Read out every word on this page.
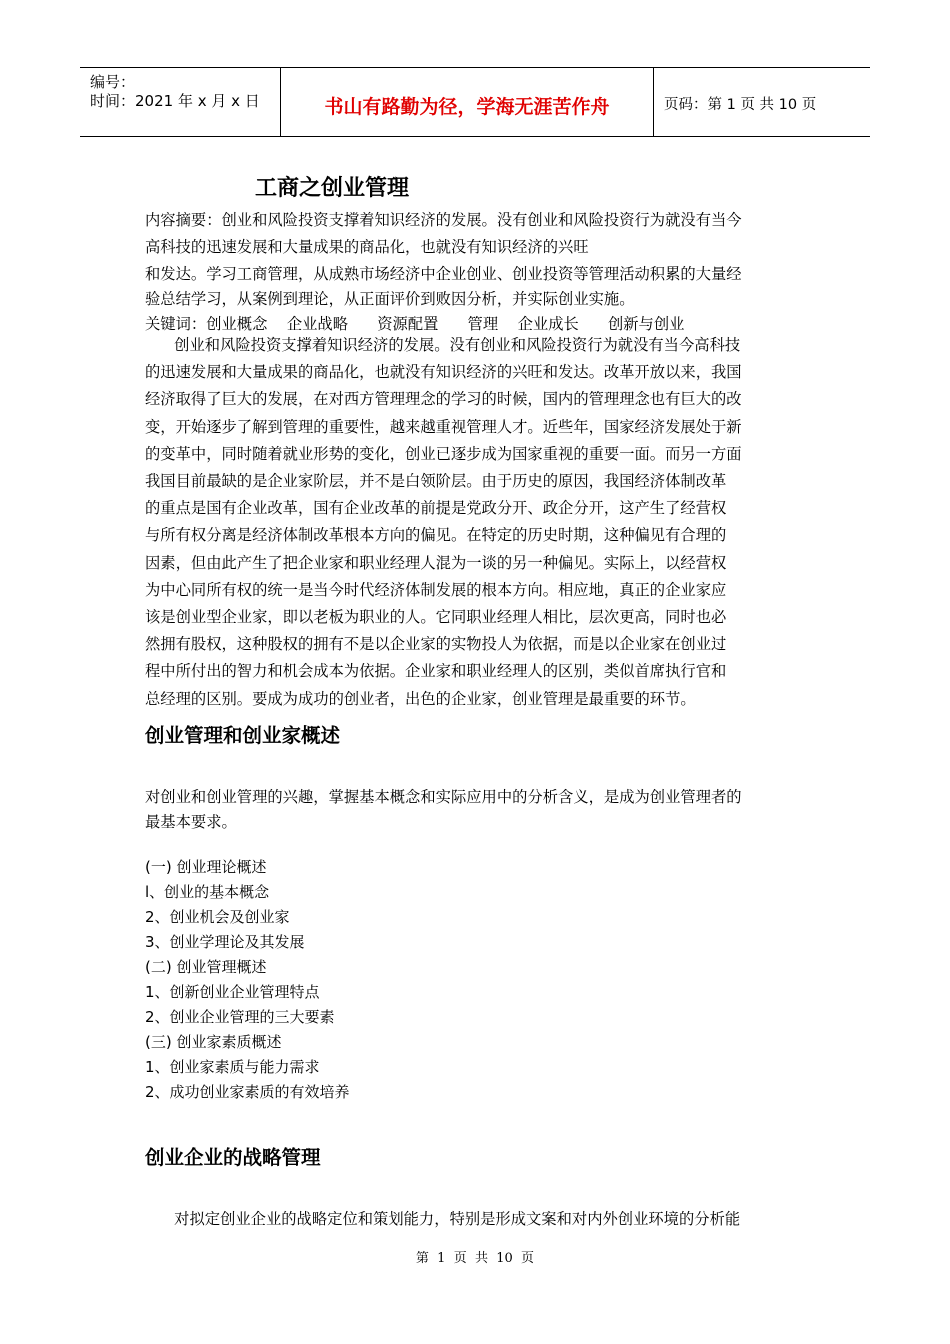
编号：
时间：2021 年 x 月 x 日	书山有路勤为径，学海无涯苦作舟	页码：第 1 页 共 10 页
工商之创业管理
内容摘要：创业和风险投资支撑着知识经济的发展。没有创业和风险投资行为就没有当今
高科技的迅速发展和大量成果的商品化，也就没有知识经济的兴旺
和发达。学习工商管理，从成熟市场经济中企业创业、创业投资等管理活动积累的大量经
验总结学习，从案例到理论，从正面评价到败因分析，并实际创业实施。
关键词：创业概念    企业战略      资源配置      管理    企业成长      创新与创业
创业和风险投资支撑着知识经济的发展。没有创业和风险投资行为就没有当今高科技
的迅速发展和大量成果的商品化，也就没有知识经济的兴旺和发达。改革开放以来，我国
经济取得了巨大的发展，在对西方管理理念的学习的时候，国内的管理理念也有巨大的改
变，开始逐步了解到管理的重要性，越来越重视管理人才。近些年，国家经济发展处于新
的变革中，同时随着就业形势的变化，创业已逐步成为国家重视的重要一面。而另一方面
我国目前最缺的是企业家阶层，并不是白领阶层。由于历史的原因，我国经济体制改革
的重点是国有企业改革，国有企业改革的前提是党政分开、政企分开，这产生了经营权
与所有权分离是经济体制改革根本方向的偏见。在特定的历史时期，这种偏见有合理的
因素，但由此产生了把企业家和职业经理人混为一谈的另一种偏见。实际上，以经营权
为中心同所有权的统一是当今时代经济体制发展的根本方向。相应地，真正的企业家应
该是创业型企业家，即以老板为职业的人。它同职业经理人相比，层次更高，同时也必
然拥有股权，这种股权的拥有不是以企业家的实物投人为依据，而是以企业家在创业过
程中所付出的智力和机会成本为依据。企业家和职业经理人的区别，类似首席执行官和
总经理的区别。要成为成功的创业者，出色的企业家，创业管理是最重要的环节。
创业管理和创业家概述
对创业和创业管理的兴趣，掌握基本概念和实际应用中的分析含义，是成为创业管理者的
最基本要求。
(一) 创业理论概述
l、创业的基本概念
2、创业机会及创业家
3、创业学理论及其发展
(二) 创业管理概述
1、创新创业企业管理特点
2、创业企业管理的三大要素
(三) 创业家素质概述
1、创业家素质与能力需求
2、成功创业家素质的有效培养
创业企业的战略管理
对拟定创业企业的战略定位和策划能力，特别是形成文案和对内外创业环境的分析能
第  1  页  共  10  页
